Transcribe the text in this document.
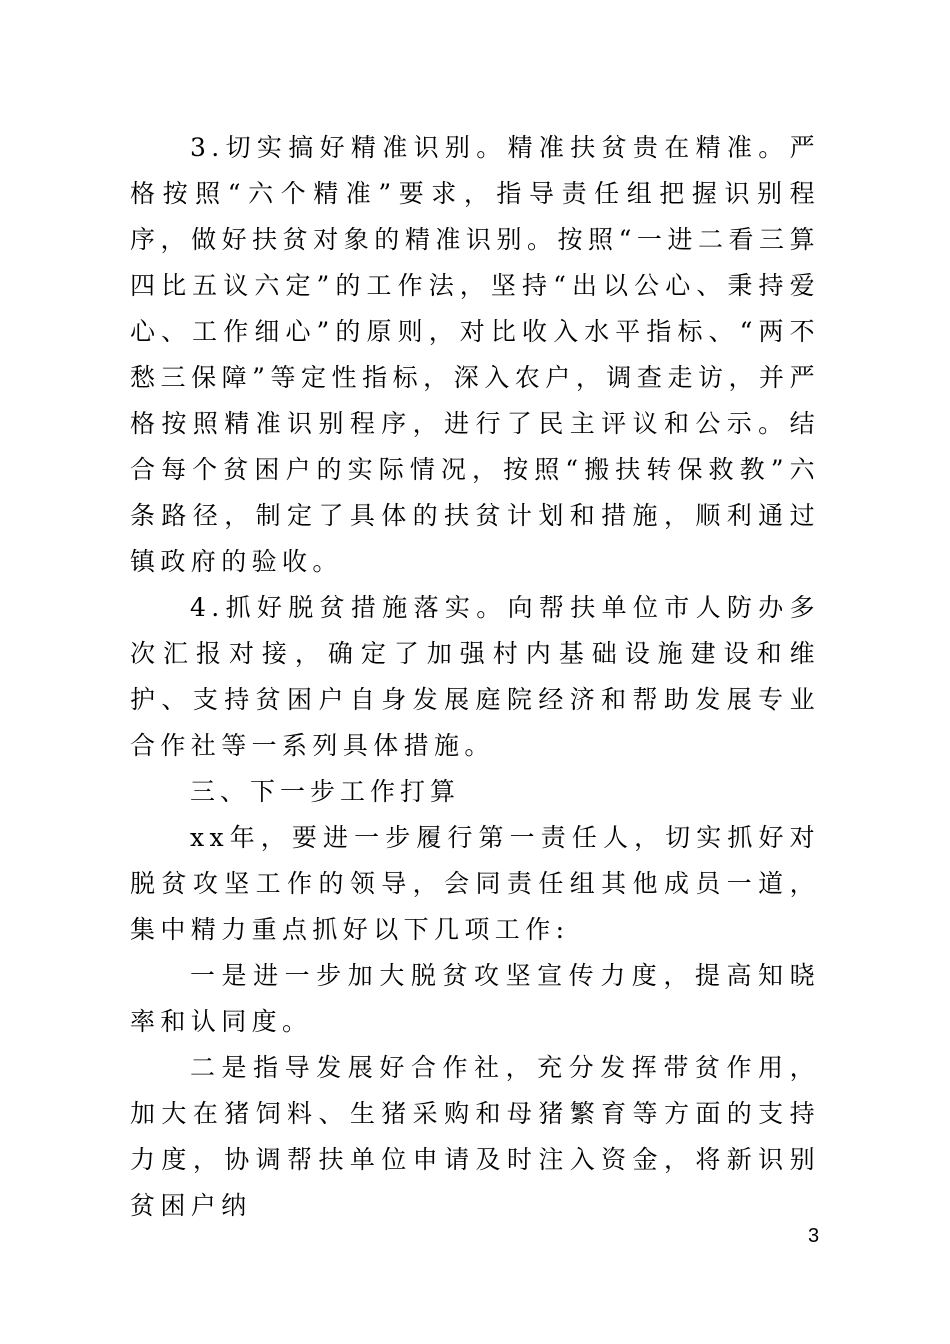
3.切实搞好精准识别。精准扶贫贵在精准。严格按照“六个精准”要求，指导责任组把握识别程序，做好扶贫对象的精准识别。按照“一进二看三算四比五议六定”的工作法，坚持“出以公心、秉持爱心、工作细心”的原则，对比收入水平指标、“两不愁三保障”等定性指标，深入农户，调查走访，并严格按照精准识别程序，进行了民主评议和公示。结合每个贫困户的实际情况，按照“搬扶转保救教”六条路径，制定了具体的扶贫计划和措施，顺利通过镇政府的验收。

4.抓好脱贫措施落实。向帮扶单位市人防办多次汇报对接，确定了加强村内基础设施建设和维护、支持贫困户自身发展庭院经济和帮助发展专业合作社等一系列具体措施。

三、下一步工作打算

xx年，要进一步履行第一责任人，切实抓好对脱贫攻坚工作的领导，会同责任组其他成员一道，集中精力重点抓好以下几项工作:

一是进一步加大脱贫攻坚宣传力度，提高知晓率和认同度。

二是指导发展好合作社，充分发挥带贫作用，加大在猪饲料、生猪采购和母猪繁育等方面的支持力度，协调帮扶单位申请及时注入资金，将新识别贫困户纳

3
